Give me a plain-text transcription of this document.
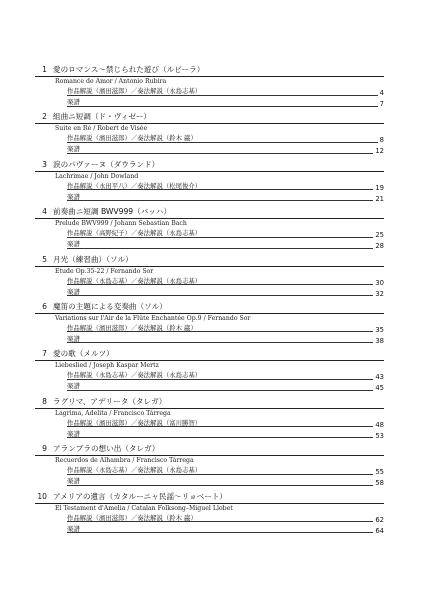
1 愛のロマンス〜禁じられた遊び（ルビーラ）
Romance de Amor / Antonio Rubira
作品解説（濱田滋郎）／奏法解説（永島志基）	4
楽譜	7
2 組曲ニ短調（ド・ヴィゼー）
Suite en Ré / Robert de Visée
作品解説（濱田滋郎）／奏法解説（鈴木 巌）	8
楽譜	12
3 涙のパヴァーヌ（ダウランド）
Lachrimae / John Dowland
作品解説（永田平八）／奏法解説（松尾俊介）	19
楽譜	21
4 前奏曲ニ短調 BWV999（バッハ）
Prelude BWV999 / Johann Sebastian Bach
作品解説（高野紀子）／奏法解説（永島志基）	25
楽譜	28
5 月光（練習曲）（ソル）
Etude Op.35-22 / Fernando Sor
作品解説（永島志基）／奏法解説（永島志基）	30
楽譜	32
6 魔笛の主題による変奏曲（ソル）
Variations sur l'Air de la Flûte Enchantée Op.9 / Fernando Sor
作品解説（濱田滋郎）／奏法解説（鈴木 巌）	35
楽譜	38
7 愛の歌（メルツ）
Liebeslied / Joseph Kaspar Mertz
作品解説（永島志基）／奏法解説（永島志基）	43
楽譜	45
8 ラグリマ、アデリータ（タレガ）
Lagrima, Adelita / Francisco Tárrega
作品解説（濱田滋郎）／奏法解説（富川勝智）	48
楽譜	53
9 アランブラの想い出（タレガ）
Recuerdos de Alhambra / Francisco Tárrega
作品解説（永島志基）／奏法解説（永島志基）	55
楽譜	58
10 アメリアの遺言（カタルーニャ民謡〜リョベート）
El Testament d'Amelia / Catalan Folksong–Miguel Llobet
作品解説（濱田滋郎）／奏法解説（鈴木 巌）	62
楽譜	64
